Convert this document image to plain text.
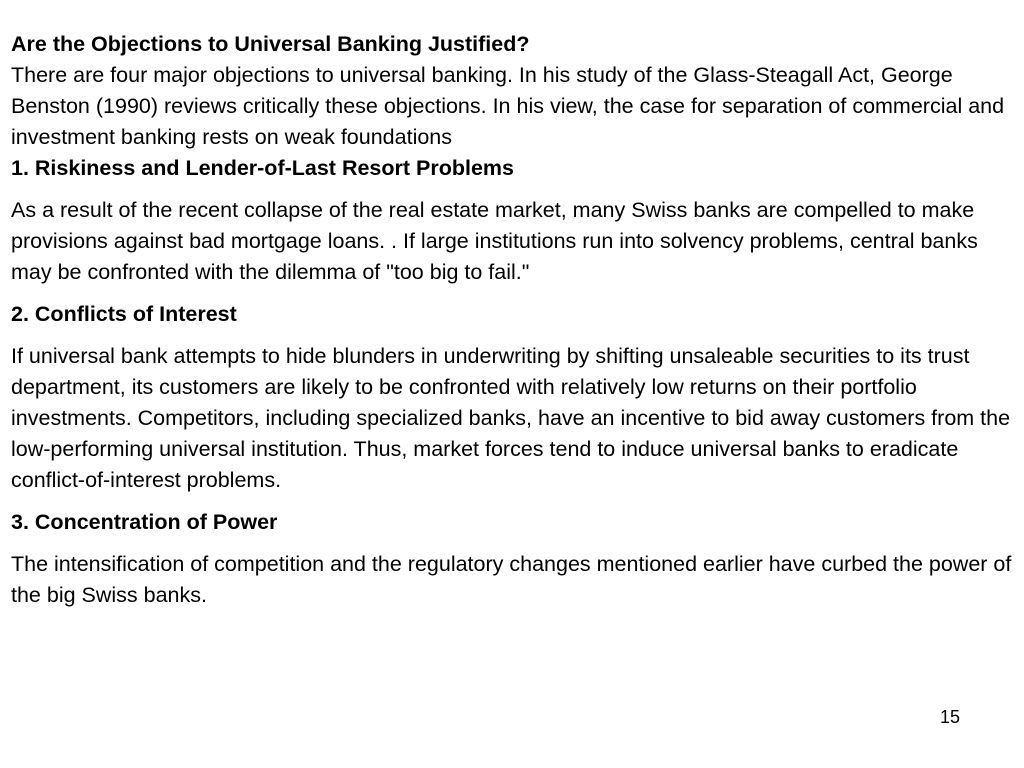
Are the Objections to Universal Banking Justified?

There are four major objections to universal banking. In his study of the Glass-Steagall Act, George Benston (1990) reviews critically these objections. In his view, the case for separation of commercial and investment banking rests on weak foundations

1. Riskiness and Lender-of-Last Resort Problems

As a result of the recent collapse of the real estate market, many Swiss banks are compelled to make provisions against bad mortgage loans. . If large institutions run into solvency problems, central banks may be confronted with the dilemma of "too big to fail."

2. Conflicts of Interest

If universal bank attempts to hide blunders in underwriting by shifting unsaleable securities to its trust department, its customers are likely to be confronted with relatively low returns on their portfolio investments. Competitors, including specialized banks, have an incentive to bid away customers from the low-performing universal institution. Thus, market forces tend to induce universal banks to eradicate conflict-of-interest problems.

3. Concentration of Power

The intensification of competition and the regulatory changes mentioned earlier have curbed the power of the big Swiss banks.

15
